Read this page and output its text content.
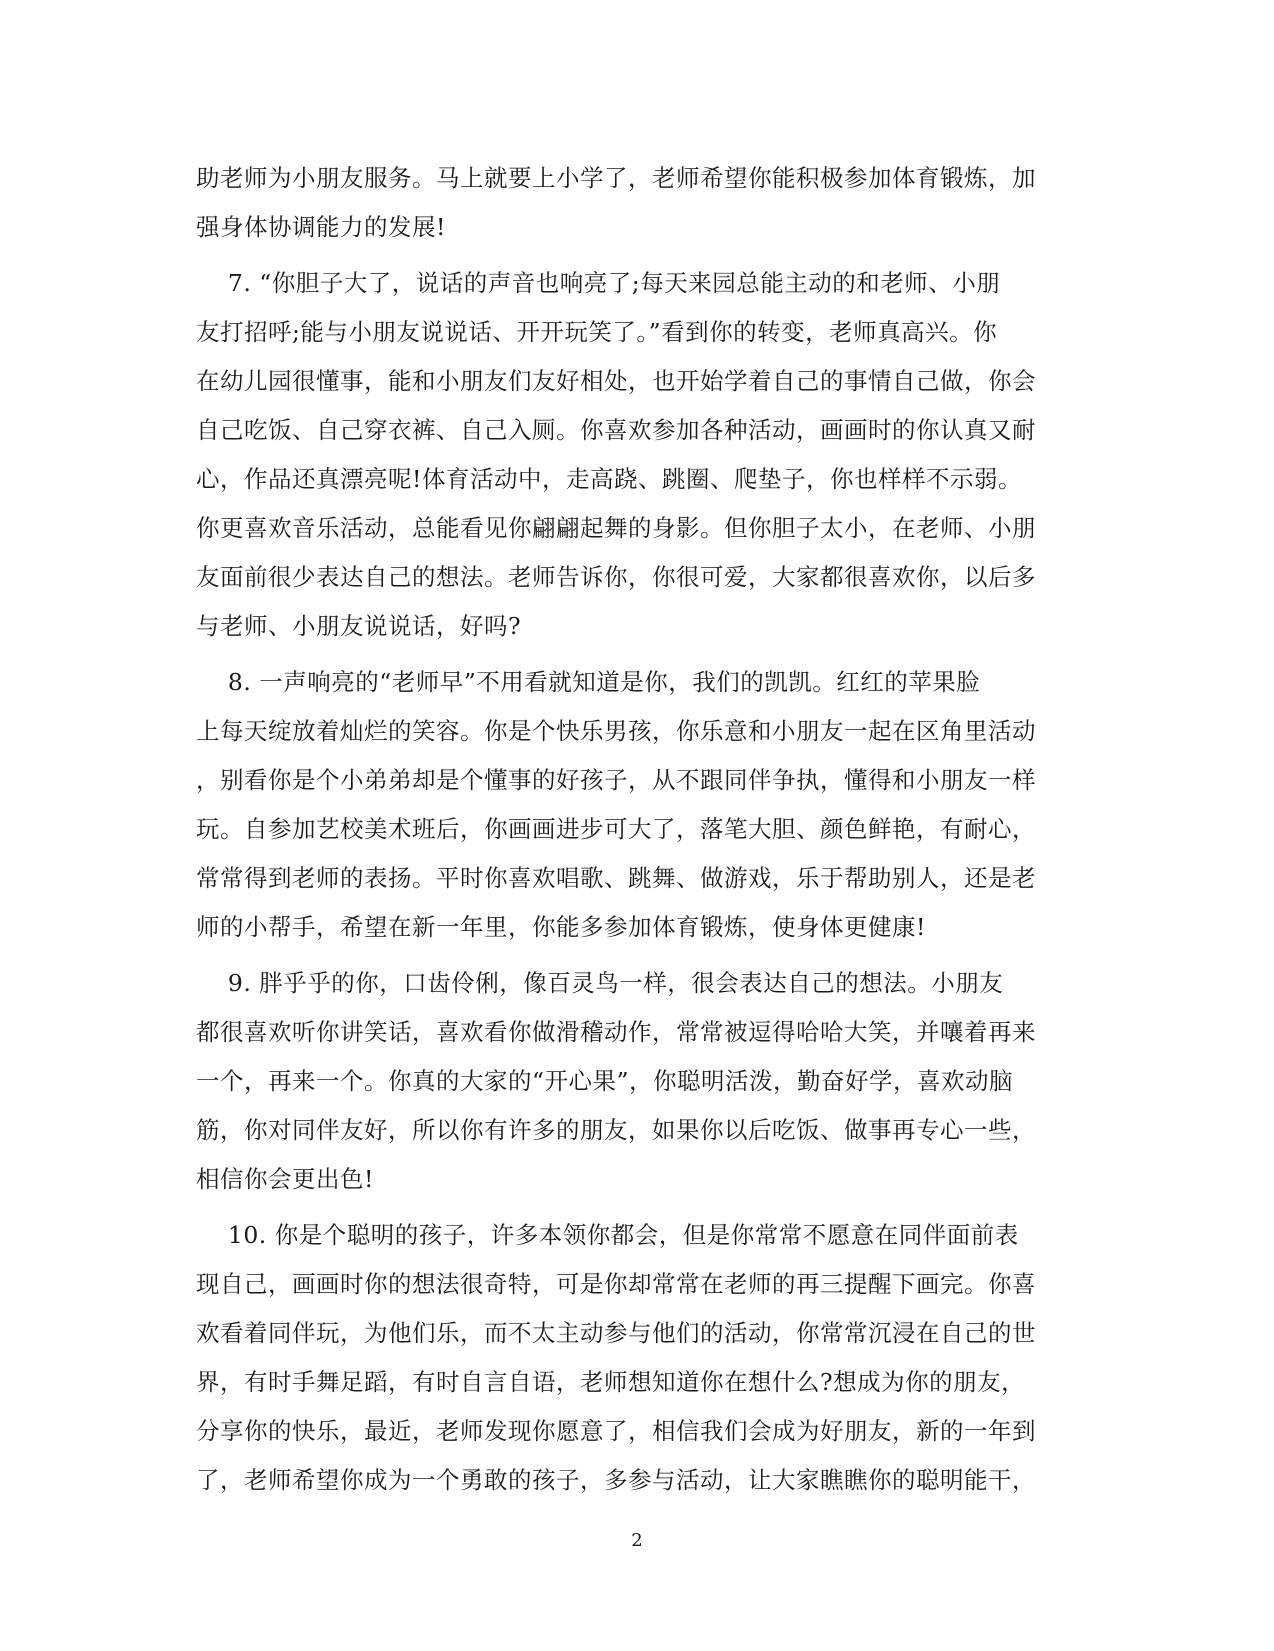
助老师为小朋友服务。马上就要上小学了，老师希望你能积极参加体育锻炼，加
强身体协调能力的发展!
7. “你胆子大了，说话的声音也响亮了;每天来园总能主动的和老师、小朋
友打招呼;能与小朋友说说话、开开玩笑了。”看到你的转变，老师真高兴。你
在幼儿园很懂事，能和小朋友们友好相处，也开始学着自己的事情自己做，你会
自己吃饭、自己穿衣裤、自己入厕。你喜欢参加各种活动，画画时的你认真又耐
心，作品还真漂亮呢!体育活动中，走高跷、跳圈、爬垫子，你也样样不示弱。
你更喜欢音乐活动，总能看见你翩翩起舞的身影。但你胆子太小，在老师、小朋
友面前很少表达自己的想法。老师告诉你，你很可爱，大家都很喜欢你，以后多
与老师、小朋友说说话，好吗?
8. 一声响亮的“老师早”不用看就知道是你，我们的凯凯。红红的苹果脸
上每天绽放着灿烂的笑容。你是个快乐男孩，你乐意和小朋友一起在区角里活动
，别看你是个小弟弟却是个懂事的好孩子，从不跟同伴争执，懂得和小朋友一样
玩。自参加艺校美术班后，你画画进步可大了，落笔大胆、颜色鲜艳，有耐心，
常常得到老师的表扬。平时你喜欢唱歌、跳舞、做游戏，乐于帮助别人，还是老
师的小帮手，希望在新一年里，你能多参加体育锻炼，使身体更健康!
9. 胖乎乎的你，口齿伶俐，像百灵鸟一样，很会表达自己的想法。小朋友
都很喜欢听你讲笑话，喜欢看你做滑稽动作，常常被逗得哈哈大笑，并嚷着再来
一个，再来一个。你真的大家的“开心果”，你聪明活泼，勤奋好学，喜欢动脑
筋，你对同伴友好，所以你有许多的朋友，如果你以后吃饭、做事再专心一些，
相信你会更出色!
10. 你是个聪明的孩子，许多本领你都会，但是你常常不愿意在同伴面前表
现自己，画画时你的想法很奇特，可是你却常常在老师的再三提醒下画完。你喜
欢看着同伴玩，为他们乐，而不太主动参与他们的活动，你常常沉浸在自己的世
界，有时手舞足蹈，有时自言自语，老师想知道你在想什么?想成为你的朋友，
分享你的快乐，最近，老师发现你愿意了，相信我们会成为好朋友，新的一年到
了，老师希望你成为一个勇敢的孩子，多参与活动，让大家瞧瞧你的聪明能干，
2
